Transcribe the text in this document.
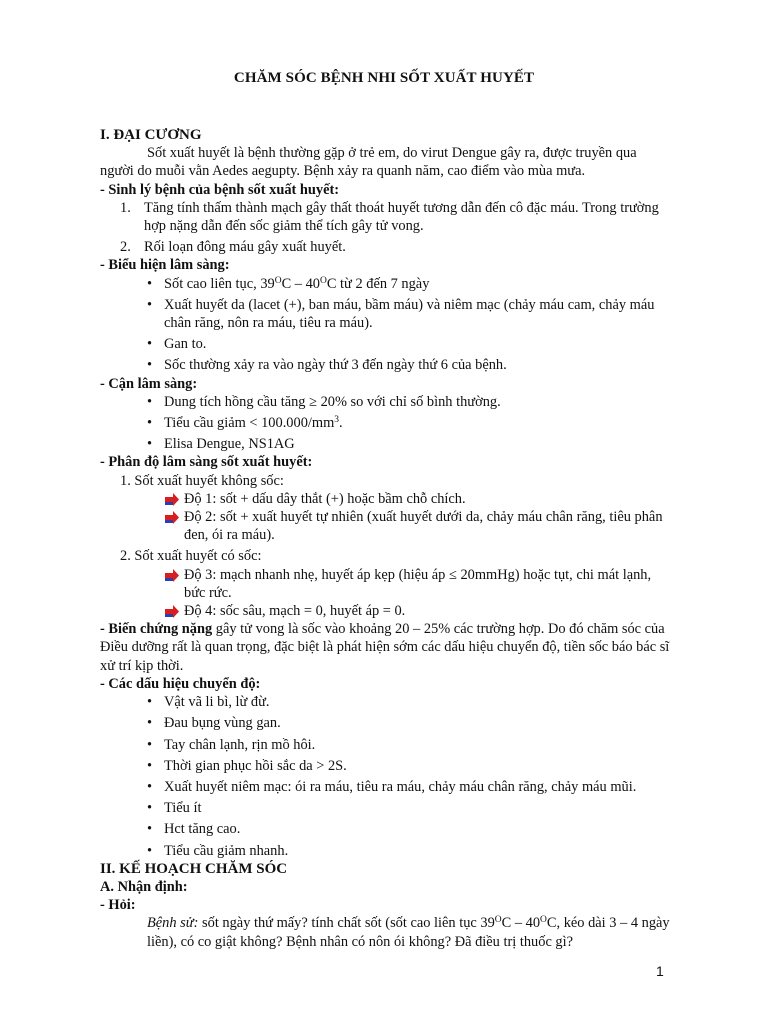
CHĂM SÓC BỆNH NHI SỐT XUẤT HUYẾT
I. ĐẠI CƯƠNG

Sốt xuất huyết là bệnh thường gặp ở trẻ em, do virut Dengue gây ra, được truyền qua người do muỗi vằn Aedes aegupty. Bệnh xảy ra quanh năm, cao điểm vào mùa mưa.

- Sinh lý bệnh của bệnh sốt xuất huyết:
1. Tăng tính thấm thành mạch gây thất thoát huyết tương dẫn đến cô đặc máu. Trong trường hợp nặng dẫn đến sốc giảm thể tích gây tử vong.
2. Rối loạn đông máu gây xuất huyết.
- Biểu hiện lâm sàng:
• Sốt cao liên tục, $39^OC - 40^OC$ từ 2 đến 7 ngày
• Xuất huyết da (lacet (+), ban máu, bầm máu) và niêm mạc (chảy máu cam, chảy máu chân răng, nôn ra máu, tiêu ra máu).
• Gan to.
• Sốc thường xảy ra vào ngày thứ 3 đến ngày thứ 6 của bệnh.
- Cận lâm sàng:
• Dung tích hồng cầu tăng ≥ 20% so với chỉ số bình thường.
• Tiểu cầu giảm < $100.000/mm^3$.
• Elisa Dengue, NS1AG
- Phân độ lâm sàng sốt xuất huyết:
1. Sốt xuất huyết không sốc:
Độ 1: sốt + dấu dây thắt (+) hoặc bầm chỗ chích.
Độ 2: sốt + xuất huyết tự nhiên (xuất huyết dưới da, chảy máu chân răng, tiêu phân đen, ói ra máu).
2. Sốt xuất huyết có sốc:
Độ 3: mạch nhanh nhẹ, huyết áp kẹp (hiệu áp ≤ 20mmHg) hoặc tụt, chi mát lạnh, bức rức.
Độ 4: sốc sâu, mạch = 0, huyết áp = 0.

- Biến chứng nặng gây tử vong là sốc vào khoảng 20 – 25% các trường hợp. Do đó chăm sóc của Điều dưỡng rất là quan trọng, đặc biệt là phát hiện sớm các dấu hiệu chuyển độ, tiền sốc báo bác sĩ xử trí kịp thời.

- Các dấu hiệu chuyển độ:
• Vật vã li bì, lừ đừ.
• Đau bụng vùng gan.
• Tay chân lạnh, rịn mồ hôi.
• Thời gian phục hồi sắc da > 2S.
• Xuất huyết niêm mạc: ói ra máu, tiêu ra máu, chảy máu chân răng, chảy máu mũi.
• Tiểu ít
• Hct tăng cao.
• Tiểu cầu giảm nhanh.
II. KẾ HOẠCH CHĂM SÓC
A. Nhận định:
- Hỏi:

Bệnh sử: sốt ngày thứ mấy? tính chất sốt (sốt cao liên tục $39^OC - 40^OC$, kéo dài 3 – 4 ngày liền), có co giật không? Bệnh nhân có nôn ói không? Đã điều trị thuốc gì?

1
